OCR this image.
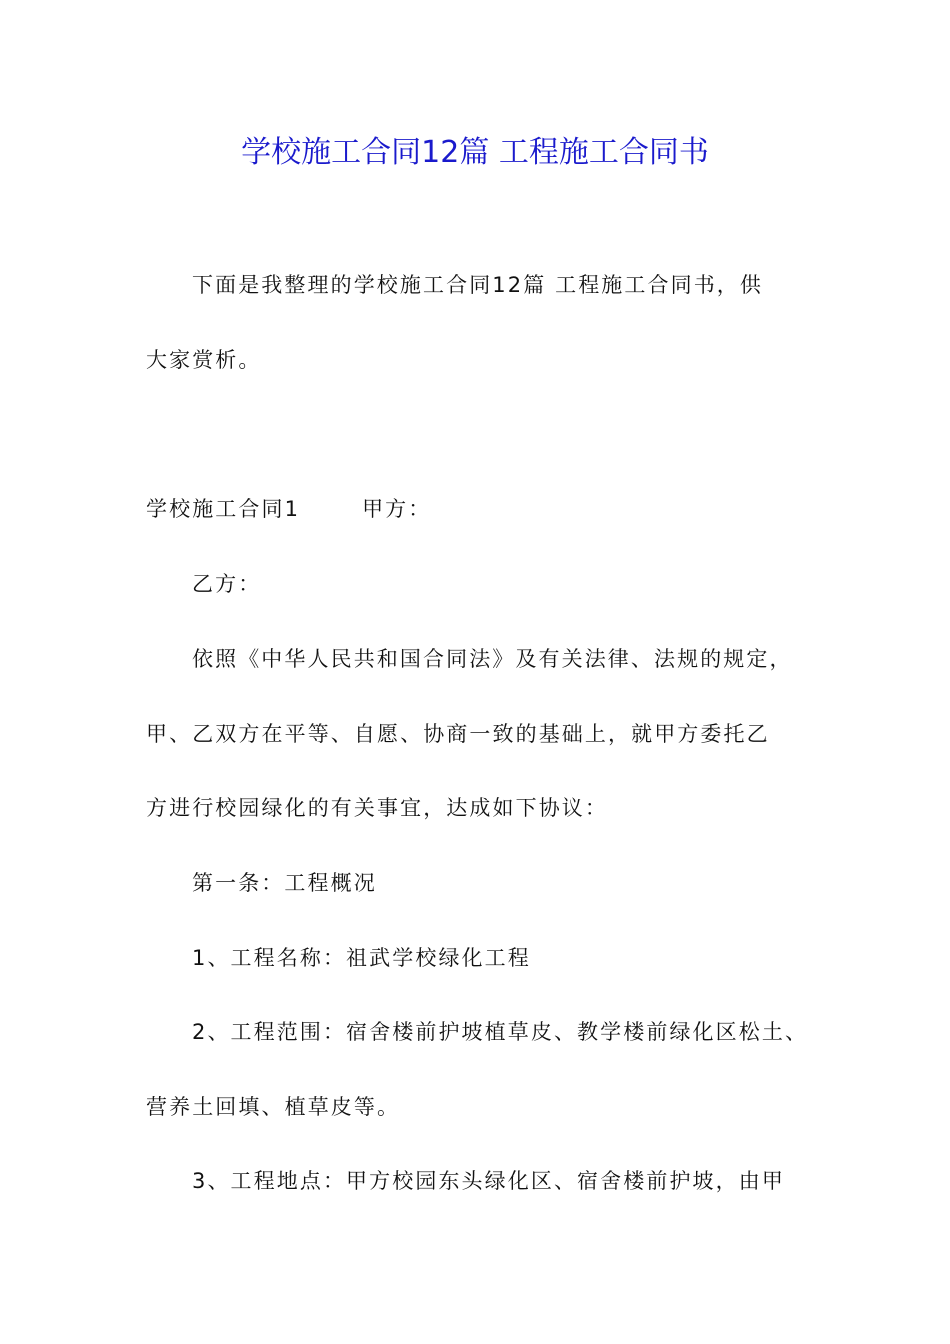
学校施工合同12篇 工程施工合同书
下面是我整理的学校施工合同12篇 工程施工合同书，供
大家赏析。
学校施工合同1	甲方：
乙方：
依照《中华人民共和国合同法》及有关法律、法规的规定，
甲、乙双方在平等、自愿、协商一致的基础上，就甲方委托乙
方进行校园绿化的有关事宜，达成如下协议：
第一条：工程概况
1、工程名称：祖武学校绿化工程
2、工程范围：宿舍楼前护坡植草皮、教学楼前绿化区松土、
营养土回填、植草皮等。
3、工程地点：甲方校园东头绿化区、宿舍楼前护坡，由甲
